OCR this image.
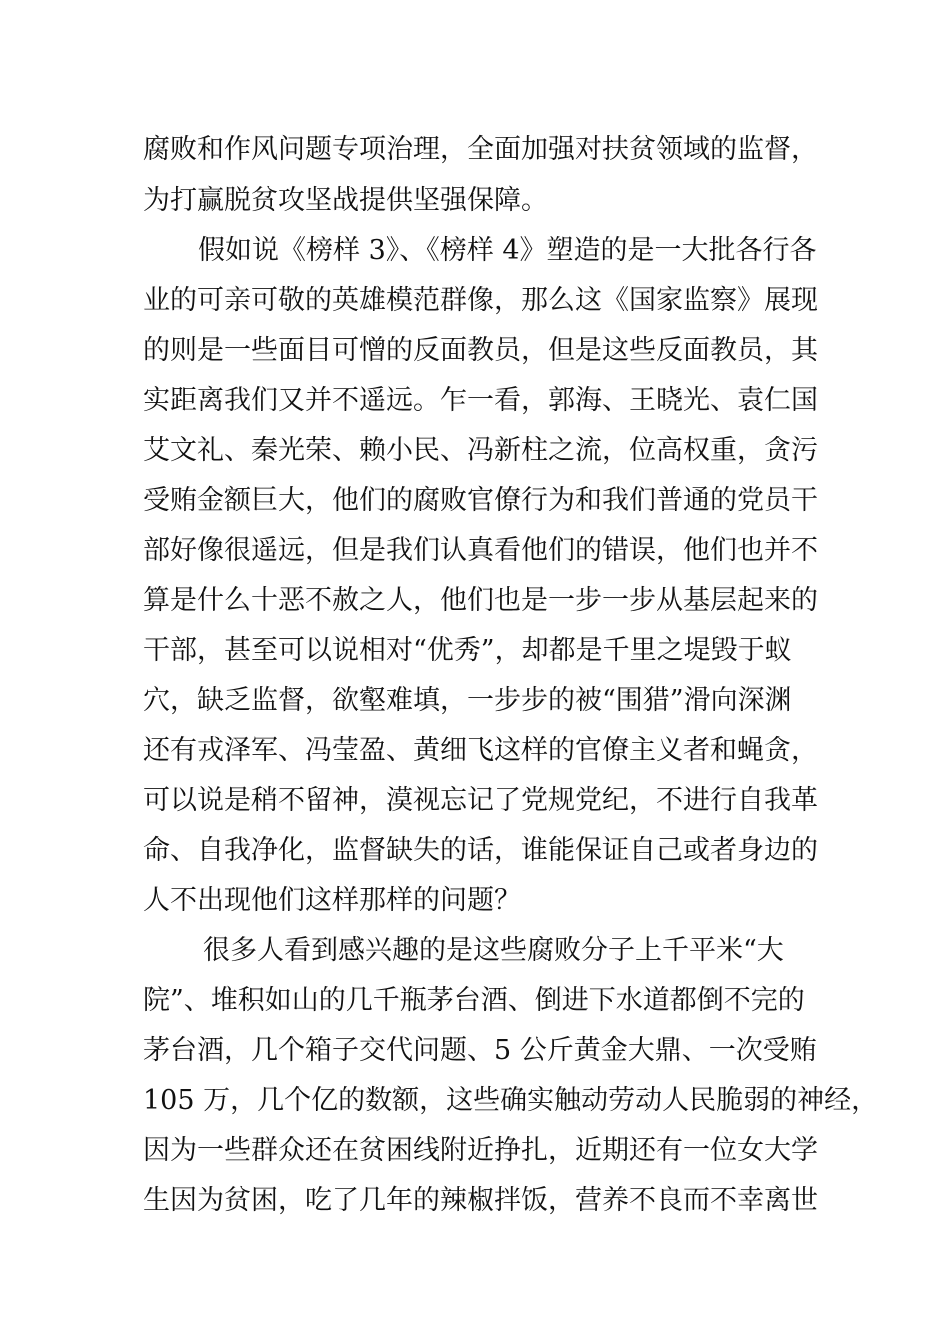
腐败和作风问题专项治理，全面加强对扶贫领域的监督，
为打赢脱贫攻坚战提供坚强保障。
假如说《榜样 3》、《榜样 4》塑造的是一大批各行各
业的可亲可敬的英雄模范群像，那么这《国家监察》展现
的则是一些面目可憎的反面教员，但是这些反面教员，其
实距离我们又并不遥远。乍一看，郭海、王晓光、袁仁国
艾文礼、秦光荣、赖小民、冯新柱之流，位高权重，贪污
受贿金额巨大，他们的腐败官僚行为和我们普通的党员干
部好像很遥远，但是我们认真看他们的错误，他们也并不
算是什么十恶不赦之人，他们也是一步一步从基层起来的
干部，甚至可以说相对“优秀”，却都是千里之堤毁于蚁
穴，缺乏监督，欲壑难填，一步步的被“围猎”滑向深渊
还有戎泽军、冯莹盈、黄细飞这样的官僚主义者和蝇贪，
可以说是稍不留神，漠视忘记了党规党纪，不进行自我革
命、自我净化，监督缺失的话，谁能保证自己或者身边的
人不出现他们这样那样的问题？
很多人看到感兴趣的是这些腐败分子上千平米“大
院”、堆积如山的几千瓶茅台酒、倒进下水道都倒不完的
茅台酒，几个箱子交代问题、5 公斤黄金大鼎、一次受贿
105 万，几个亿的数额，这些确实触动劳动人民脆弱的神经，
因为一些群众还在贫困线附近挣扎，近期还有一位女大学
生因为贫困，吃了几年的辣椒拌饭，营养不良而不幸离世
